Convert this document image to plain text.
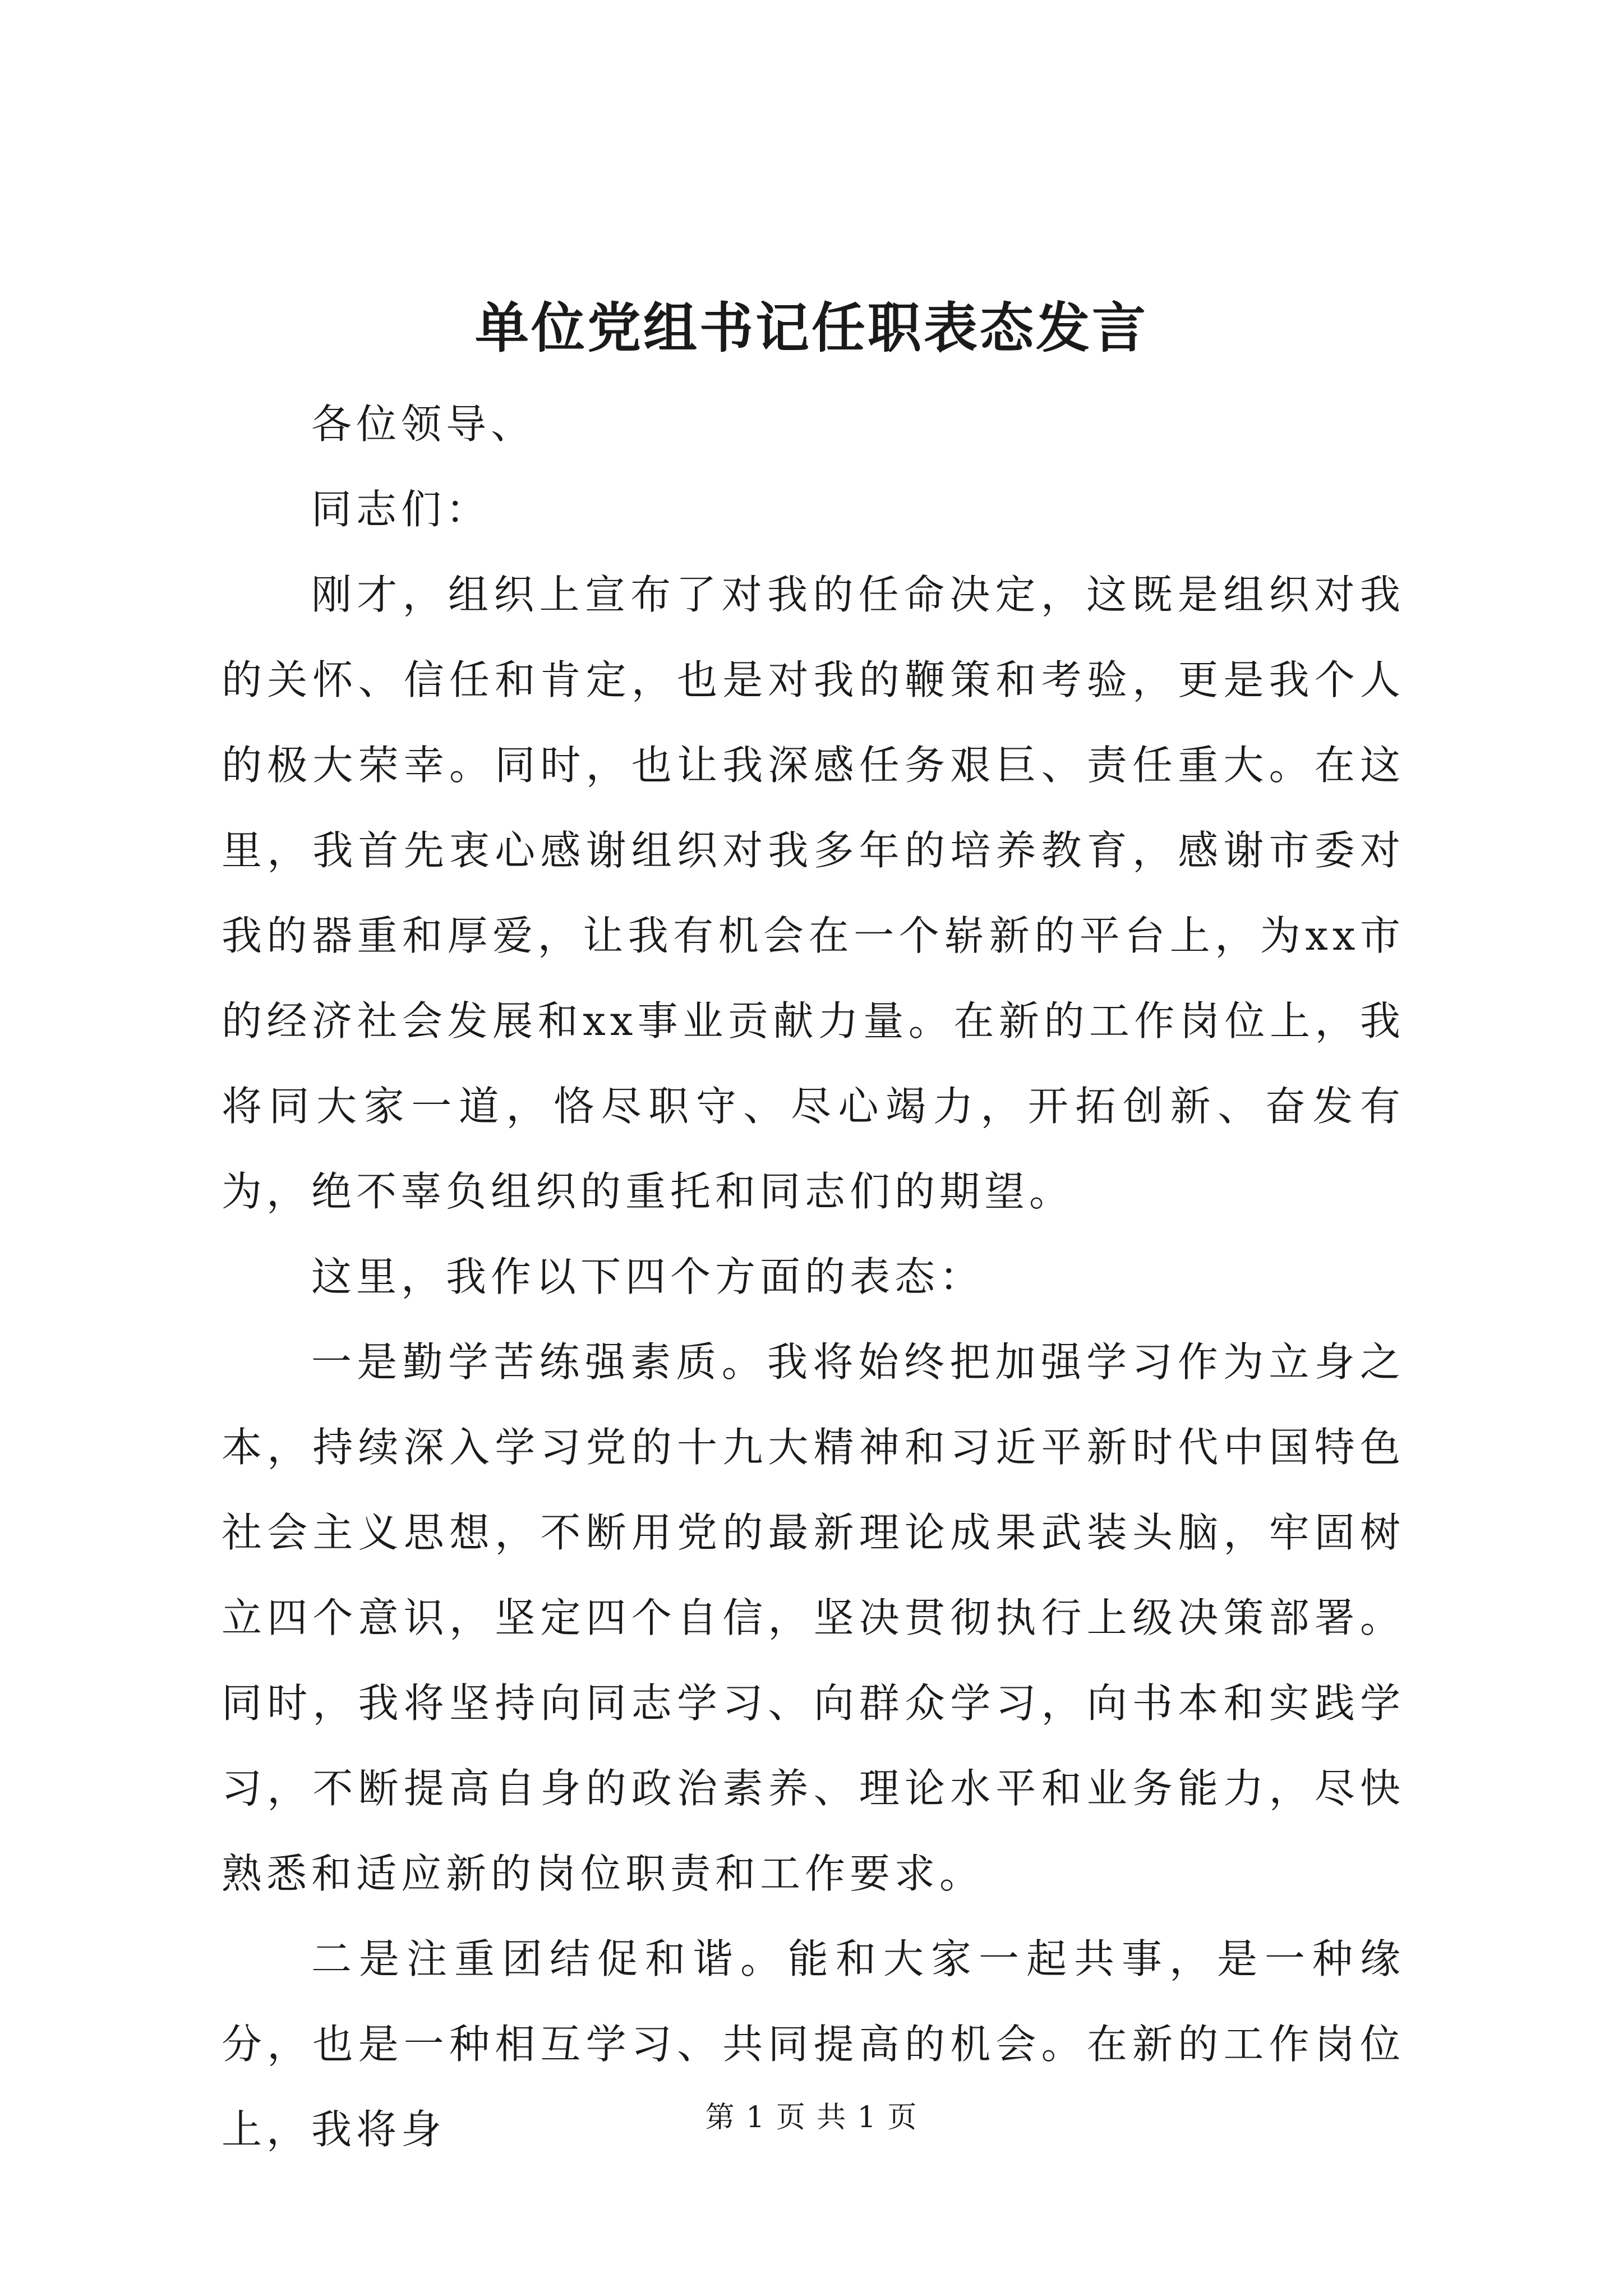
单位党组书记任职表态发言

各位领导、

同志们：

刚才，组织上宣布了对我的任命决定，这既是组织对我的关怀、信任和肯定，也是对我的鞭策和考验，更是我个人的极大荣幸。同时，也让我深感任务艰巨、责任重大。在这里，我首先衷心感谢组织对我多年的培养教育，感谢市委对我的器重和厚爱，让我有机会在一个崭新的平台上，为xx市的经济社会发展和xx事业贡献力量。在新的工作岗位上，我将同大家一道，恪尽职守、尽心竭力，开拓创新、奋发有为，绝不辜负组织的重托和同志们的期望。

这里，我作以下四个方面的表态：

一是勤学苦练强素质。我将始终把加强学习作为立身之本，持续深入学习党的十九大精神和习近平新时代中国特色社会主义思想，不断用党的最新理论成果武装头脑，牢固树立四个意识，坚定四个自信，坚决贯彻执行上级决策部署。同时，我将坚持向同志学习、向群众学习，向书本和实践学习，不断提高自身的政治素养、理论水平和业务能力，尽快熟悉和适应新的岗位职责和工作要求。

二是注重团结促和谐。能和大家一起共事，是一种缘分，也是一种相互学习、共同提高的机会。在新的工作岗位上，我将身	第 1 页 共 1 页
